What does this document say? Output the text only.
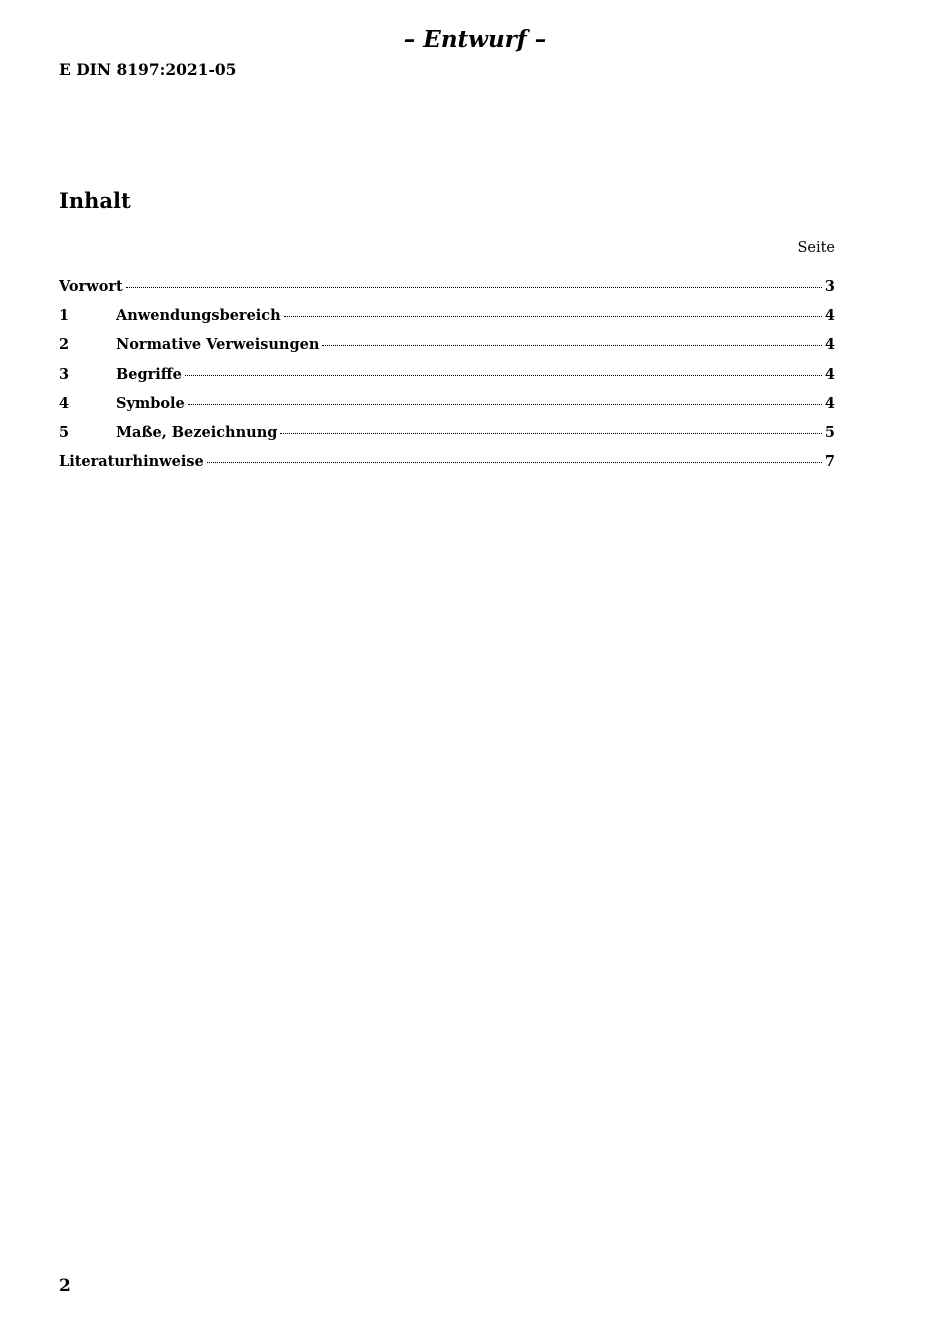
– Entwurf –
E DIN 8197:2021-05
Inhalt
Seite
Vorwort	3
1	Anwendungsbereich	4
2	Normative Verweisungen	4
3	Begriffe	4
4	Symbole	4
5	Maße, Bezeichnung	5
Literaturhinweise	7
2
